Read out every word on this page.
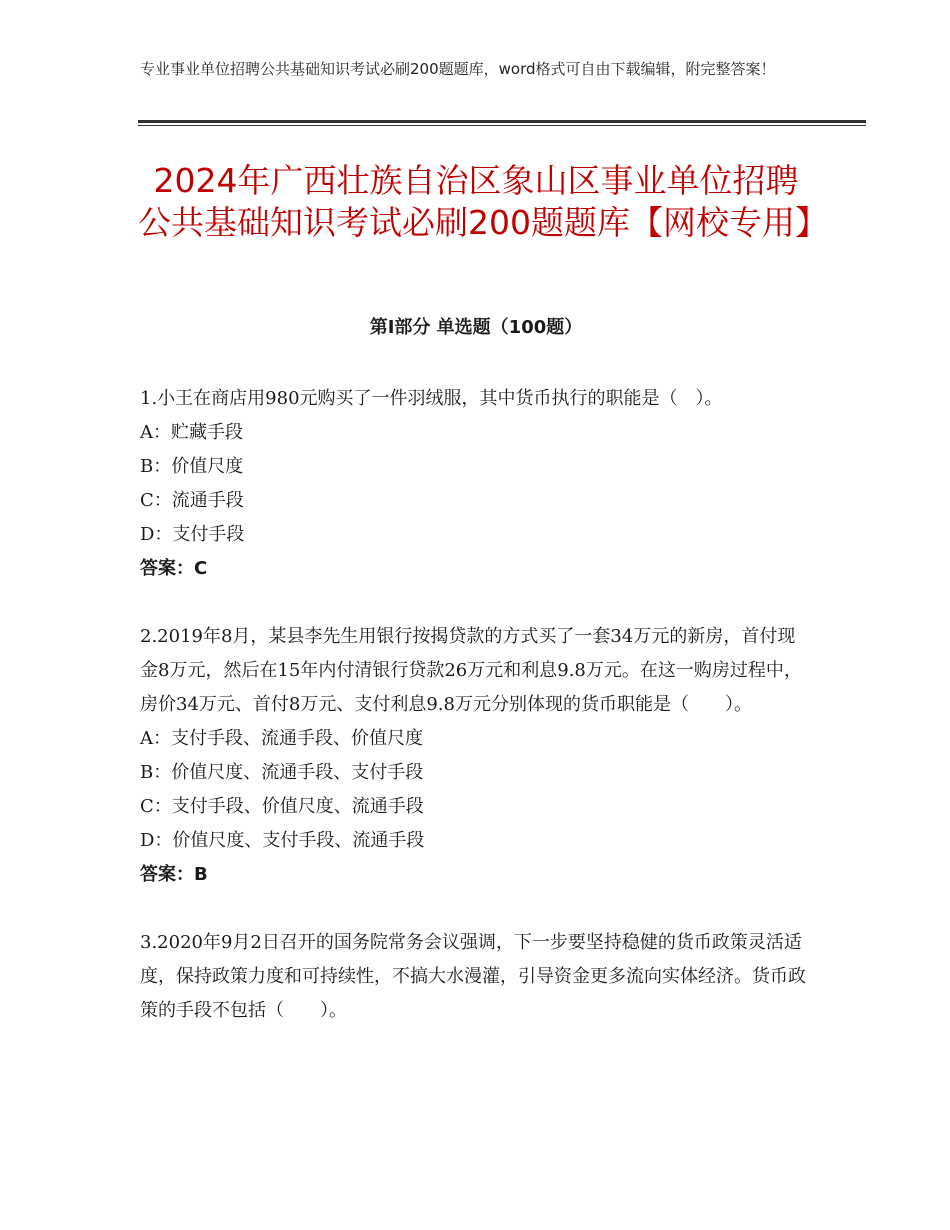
专业事业单位招聘公共基础知识考试必刷200题题库，word格式可自由下载编辑，附完整答案！
2024年广西壮族自治区象山区事业单位招聘公共基础知识考试必刷200题题库【网校专用】
第Ⅰ部分 单选题（100题）

1.小王在商店用980元购买了一件羽绒服，其中货币执行的职能是（　）。

A：贮藏手段

B：价值尺度

C：流通手段

D：支付手段

答案：C

2.2019年8月，某县李先生用银行按揭贷款的方式买了一套34万元的新房，首付现金8万元，然后在15年内付清银行贷款26万元和利息9.8万元。在这一购房过程中，房价34万元、首付8万元、支付利息9.8万元分别体现的货币职能是（　　）。

A：支付手段、流通手段、价值尺度

B：价值尺度、流通手段、支付手段

C：支付手段、价值尺度、流通手段

D：价值尺度、支付手段、流通手段

答案：B

3.2020年9月2日召开的国务院常务会议强调，下一步要坚持稳健的货币政策灵活适度，保持政策力度和可持续性，不搞大水漫灌，引导资金更多流向实体经济。货币政策的手段不包括（　　）。
